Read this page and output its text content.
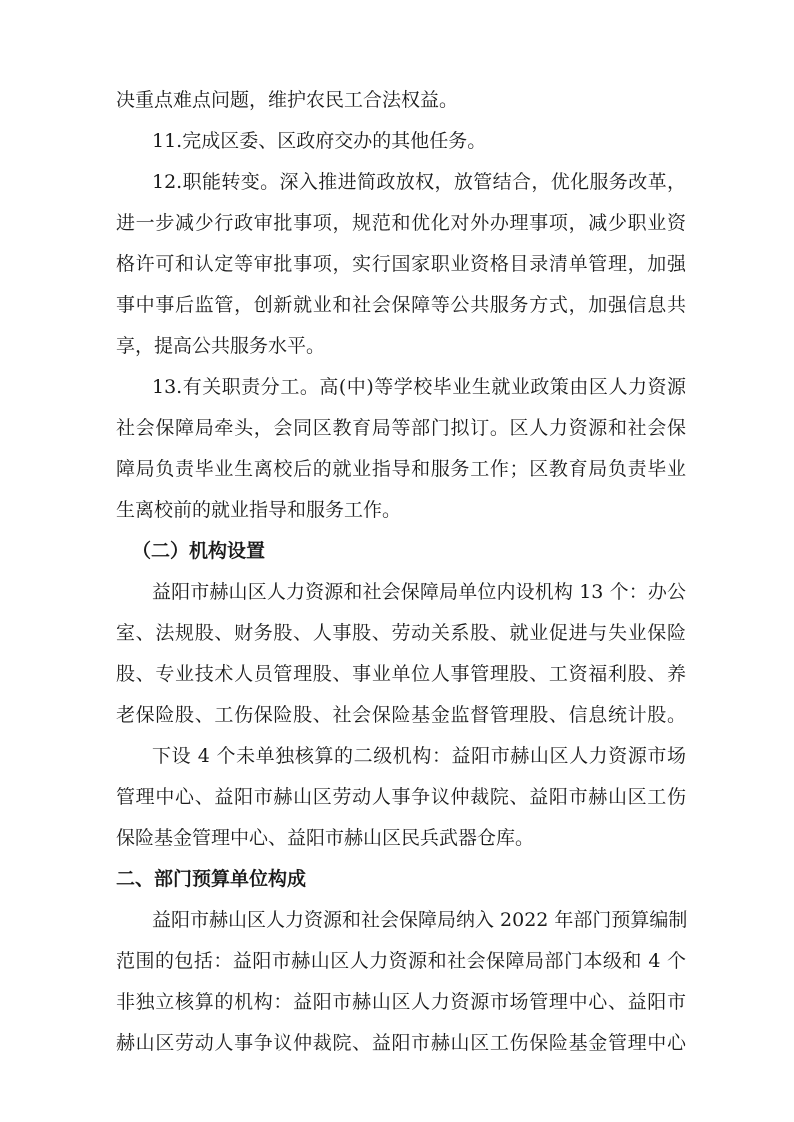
决重点难点问题，维护农民工合法权益。
11.完成区委、区政府交办的其他任务。
12.职能转变。深入推进简政放权，放管结合，优化服务改革，
进一步减少行政审批事项，规范和优化对外办理事项，减少职业资
格许可和认定等审批事项，实行国家职业资格目录清单管理，加强
事中事后监管，创新就业和社会保障等公共服务方式，加强信息共
享，提高公共服务水平。
13.有关职责分工。高(中)等学校毕业生就业政策由区人力资源
社会保障局牵头，会同区教育局等部门拟订。区人力资源和社会保
障局负责毕业生离校后的就业指导和服务工作；区教育局负责毕业
生离校前的就业指导和服务工作。
（二）机构设置
益阳市赫山区人力资源和社会保障局单位内设机构 13 个：办公
室、法规股、财务股、人事股、劳动关系股、就业促进与失业保险
股、专业技术人员管理股、事业单位人事管理股、工资福利股、养
老保险股、工伤保险股、社会保险基金监督管理股、信息统计股。
下设 4 个未单独核算的二级机构：益阳市赫山区人力资源市场
管理中心、益阳市赫山区劳动人事争议仲裁院、益阳市赫山区工伤
保险基金管理中心、益阳市赫山区民兵武器仓库。
二、部门预算单位构成
益阳市赫山区人力资源和社会保障局纳入 2022 年部门预算编制
范围的包括：益阳市赫山区人力资源和社会保障局部门本级和 4 个
非独立核算的机构：益阳市赫山区人力资源市场管理中心、益阳市
赫山区劳动人事争议仲裁院、益阳市赫山区工伤保险基金管理中心
